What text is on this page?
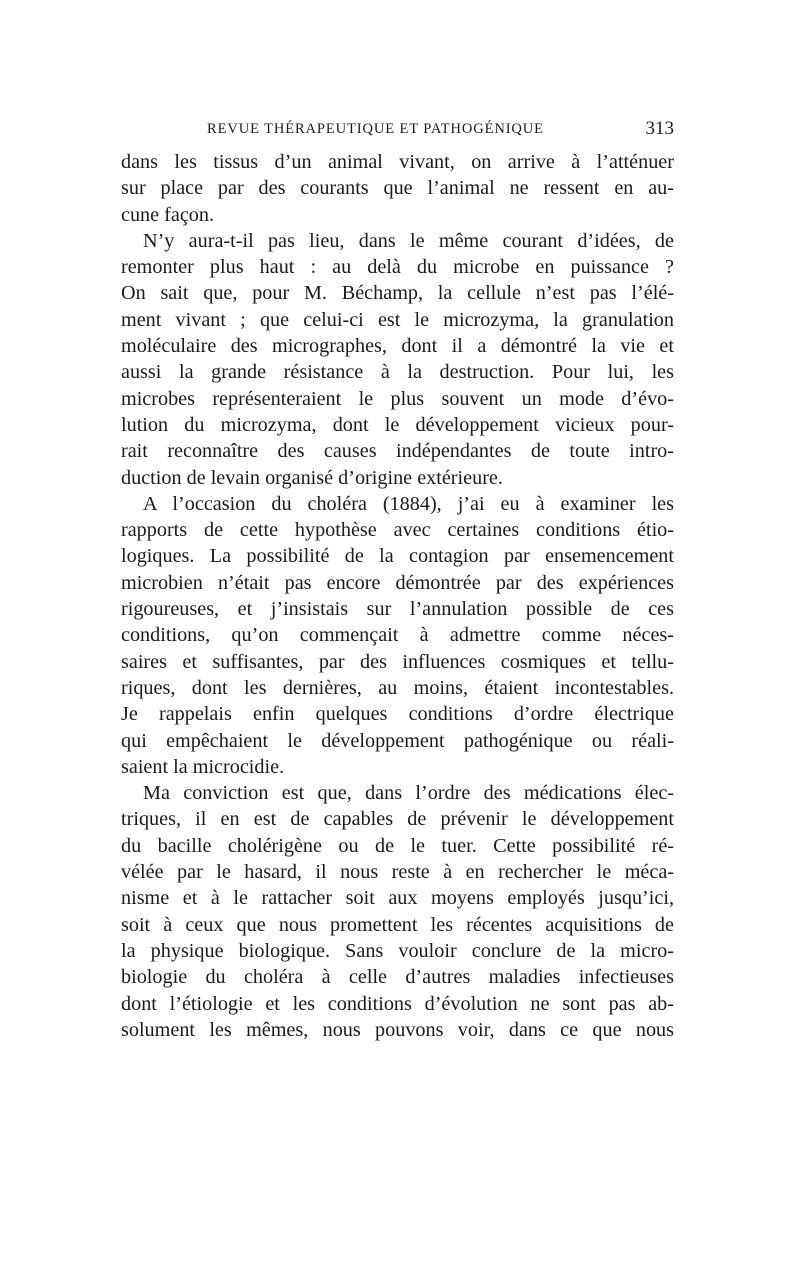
REVUE THÉRAPEUTIQUE ET PATHOGÉNIQUE	313

dans les tissus d’un animal vivant, on arrive à l’atténuer
sur place par des courants que l’animal ne ressent en au-
cune façon.

N’y aura-t-il pas lieu, dans le même courant d’idées, de
remonter plus haut : au delà du microbe en puissance ?
On sait que, pour M. Béchamp, la cellule n’est pas l’élé-
ment vivant ; que celui-ci est le microzyma, la granulation
moléculaire des micrographes, dont il a démontré la vie et
aussi la grande résistance à la destruction. Pour lui, les
microbes représenteraient le plus souvent un mode d’évo-
lution du microzyma, dont le développement vicieux pour-
rait reconnaître des causes indépendantes de toute intro-
duction de levain organisé d’origine extérieure.

A l’occasion du choléra (1884), j’ai eu à examiner les
rapports de cette hypothèse avec certaines conditions étio-
logiques. La possibilité de la contagion par ensemencement
microbien n’était pas encore démontrée par des expériences
rigoureuses, et j’insistais sur l’annulation possible de ces
conditions, qu’on commençait à admettre comme néces-
saires et suffisantes, par des influences cosmiques et tellu-
riques, dont les dernières, au moins, étaient incontestables.
Je rappelais enfin quelques conditions d’ordre électrique
qui empêchaient le développement pathogénique ou réali-
saient la microcidie.

Ma conviction est que, dans l’ordre des médications élec-
triques, il en est de capables de prévenir le développement
du bacille cholérigène ou de le tuer. Cette possibilité ré-
vélée par le hasard, il nous reste à en rechercher le méca-
nisme et à le rattacher soit aux moyens employés jusqu’ici,
soit à ceux que nous promettent les récentes acquisitions de
la physique biologique. Sans vouloir conclure de la micro-
biologie du choléra à celle d’autres maladies infectieuses
dont l’étiologie et les conditions d’évolution ne sont pas ab-
solument les mêmes, nous pouvons voir, dans ce que nous
